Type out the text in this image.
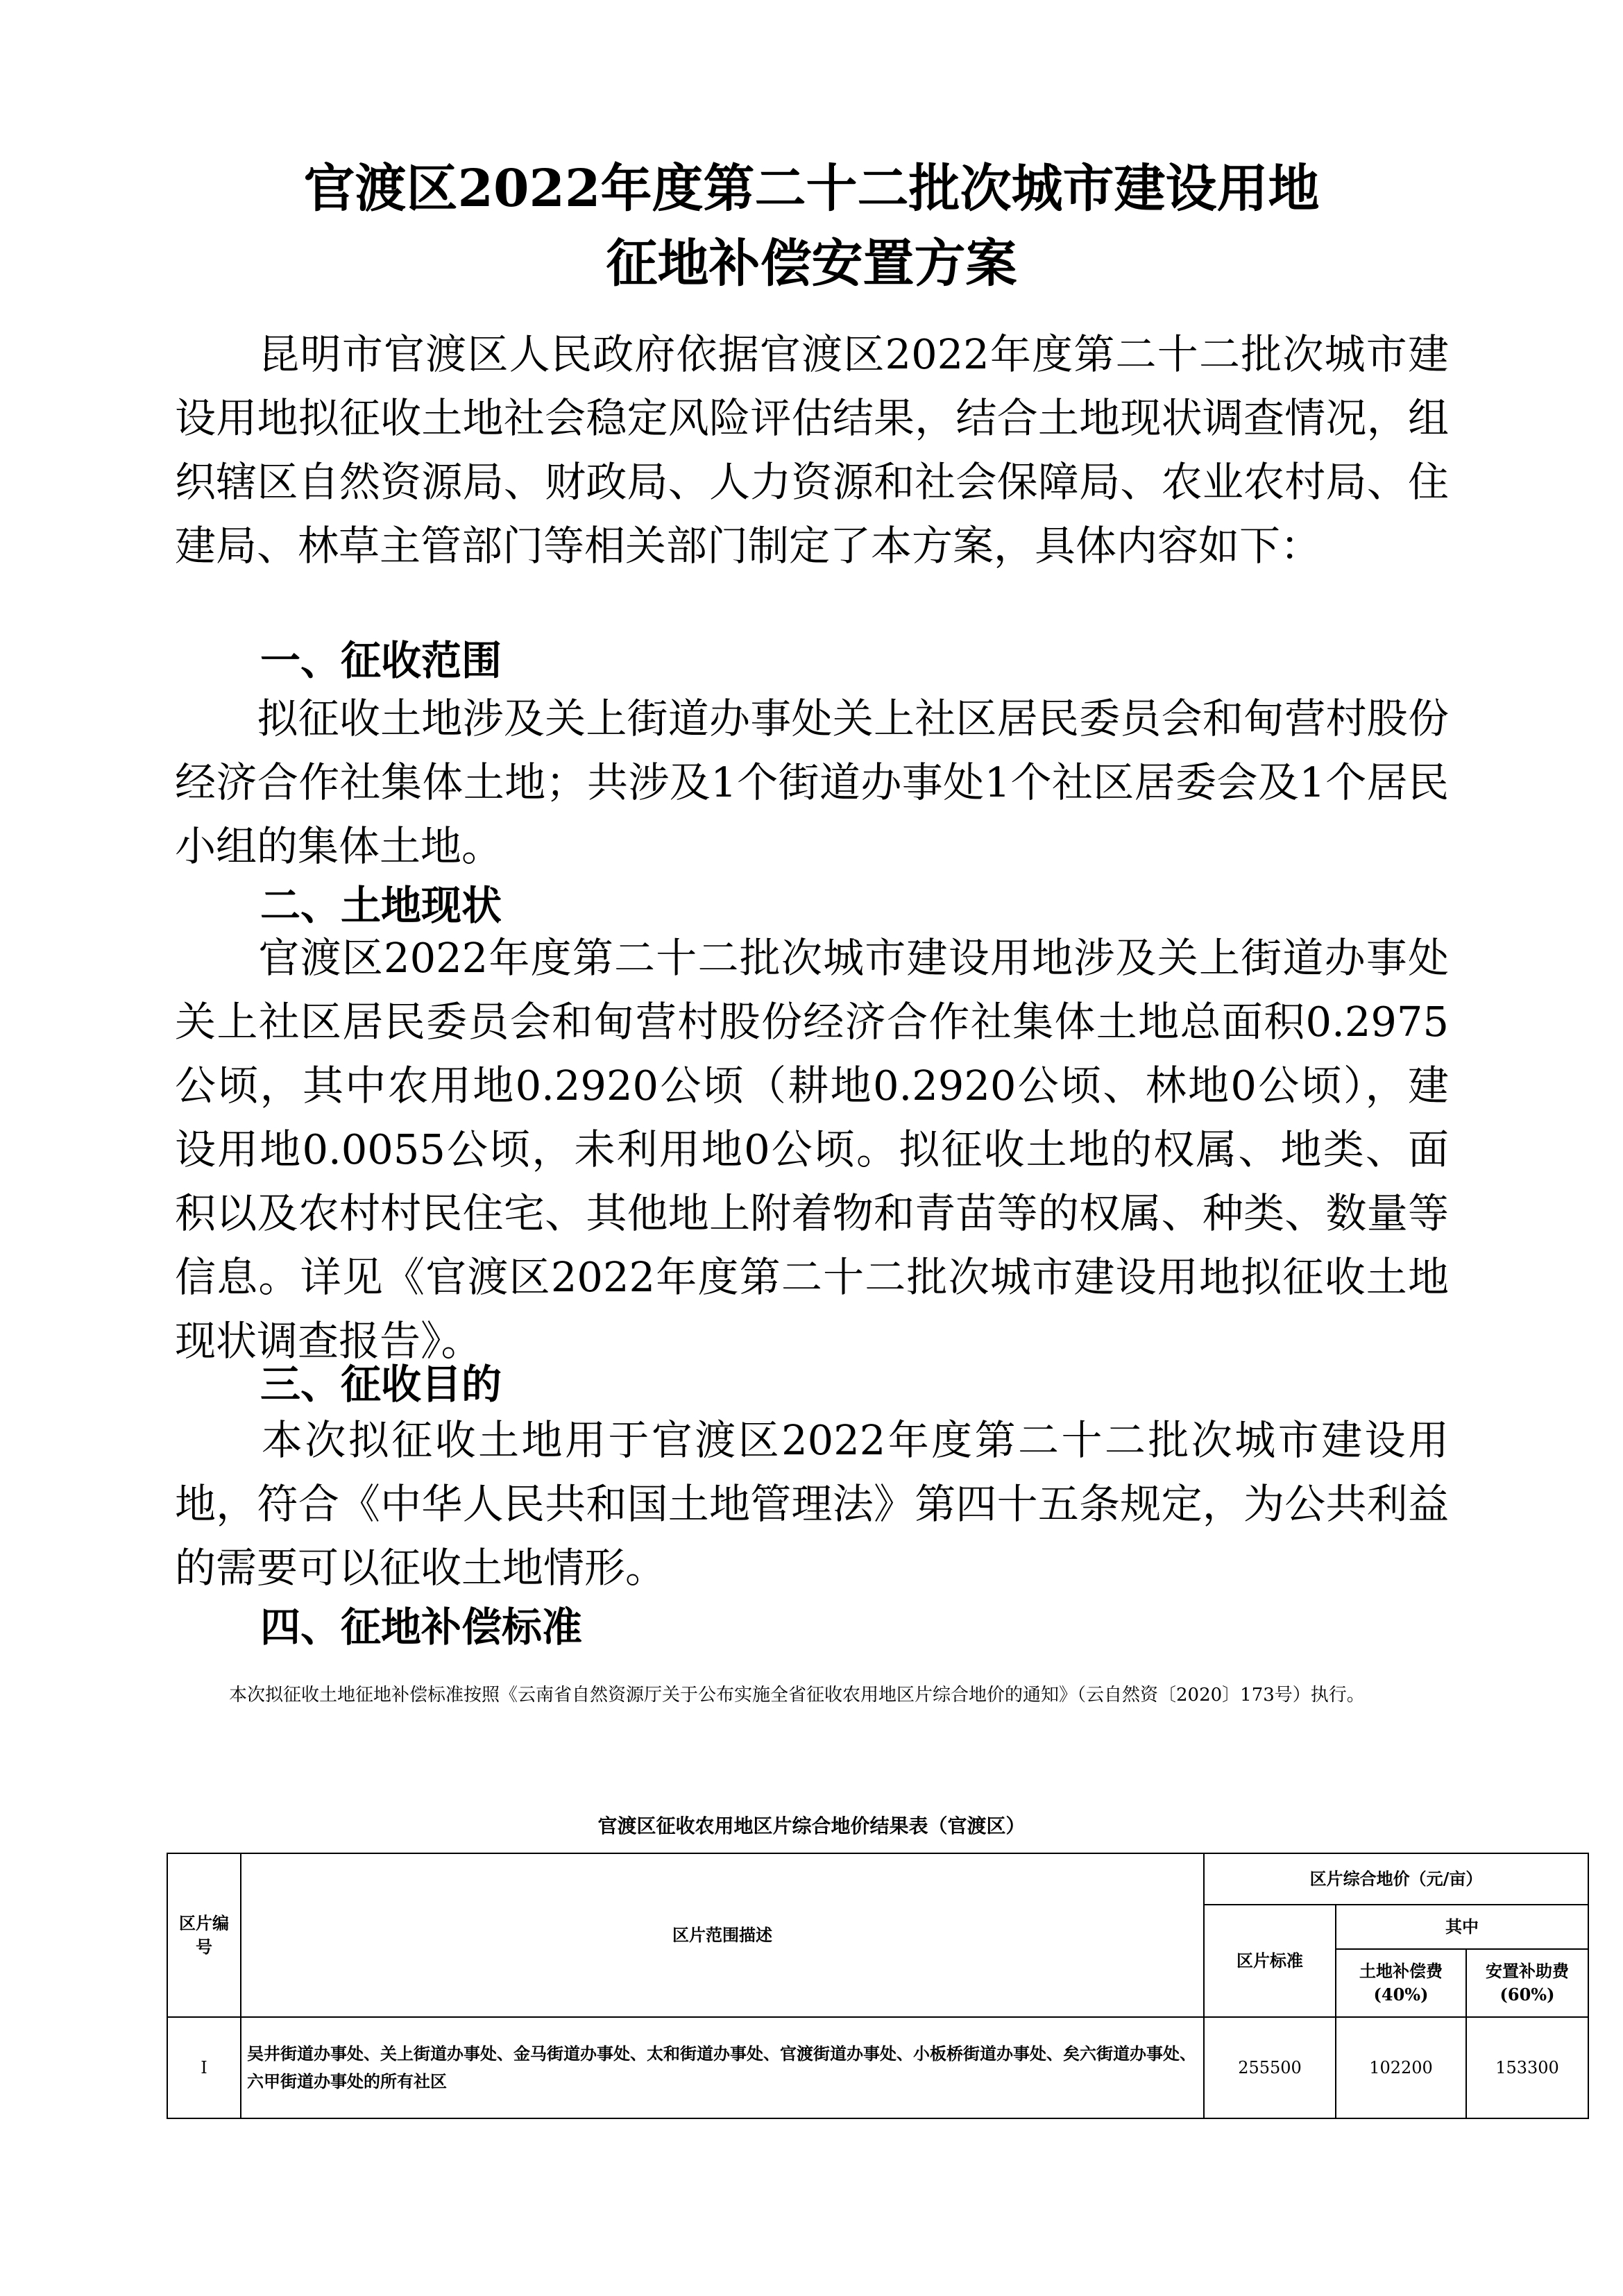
官渡区2022年度第二十二批次城市建设用地
征地补偿安置方案

　　昆明市官渡区人民政府依据官渡区2022年度第二十二批次城市建设用地拟征收土地社会稳定风险评估结果，结合土地现状调查情况，组织辖区自然资源局、财政局、人力资源和社会保障局、农业农村局、住建局、林草主管部门等相关部门制定了本方案，具体内容如下：

一、征收范围

　　拟征收土地涉及关上街道办事处关上社区居民委员会和甸营村股份经济合作社集体土地；共涉及1个街道办事处1个社区居委会及1个居民小组的集体土地。

二、土地现状

　　官渡区2022年度第二十二批次城市建设用地涉及关上街道办事处关上社区居民委员会和甸营村股份经济合作社集体土地总面积0.2975公顷，其中农用地0.2920公顷（耕地0.2920公顷、林地0公顷），建设用地0.0055公顷，未利用地0公顷。拟征收土地的权属、地类、面积以及农村村民住宅、其他地上附着物和青苗等的权属、种类、数量等信息。详见《官渡区2022年度第二十二批次城市建设用地拟征收土地现状调查报告》。

三、征收目的

　　本次拟征收土地用于官渡区2022年度第二十二批次城市建设用地，符合《中华人民共和国土地管理法》第四十五条规定，为公共利益的需要可以征收土地情形。

四、征地补偿标准

本次拟征收土地征地补偿标准按照《云南省自然资源厅关于公布实施全省征收农用地区片综合地价的通知》（云自然资〔2020〕173号）执行。

官渡区征收农用地区片综合地价结果表（官渡区）

区片编号	区片范围描述	区片综合地价（元/亩）		
		区片标准	其中	
			土地补偿费(40%)	安置补助费(60%)
I	吴井街道办事处、关上街道办事处、金马街道办事处、太和街道办事处、官渡街道办事处、小板桥街道办事处、矣六街道办事处、六甲街道办事处的所有社区	255500	102200	153300
